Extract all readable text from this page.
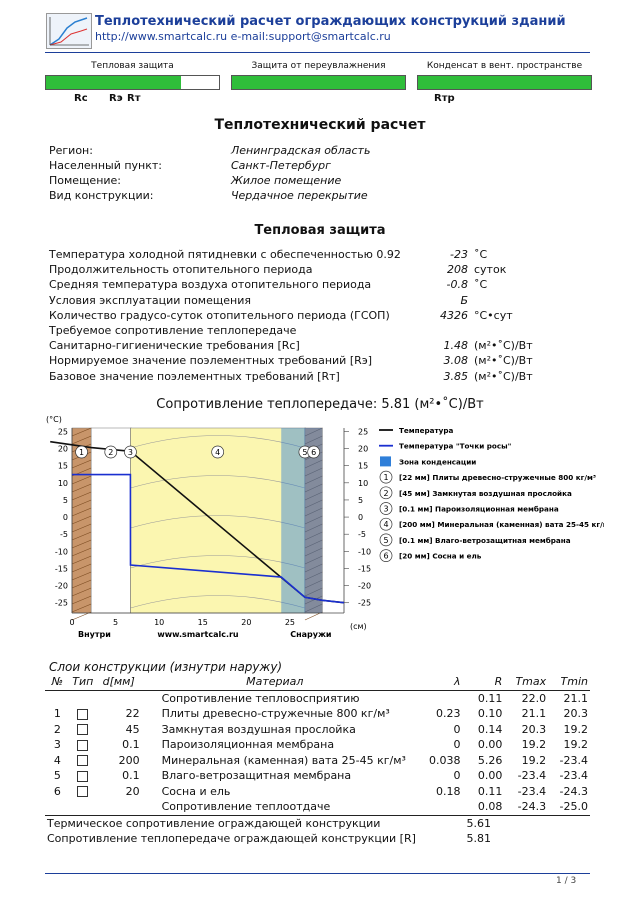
Теплотехнический расчет ограждающих конструкций зданий
http://www.smartcalc.ru e-mail:support@smartcalc.ru
Тепловая защита	Защита от переувлажнения	Конденсат в вент. пространстве
Rc Rэ Rт	Rтр
Теплотехнический расчет
Регион:	Ленинградская область
Населенный пункт:	Санкт-Петербург
Помещение:	Жилое помещение
Вид конструкции:	Чердачное перекрытие
Тепловая защита
Температура холодной пятидневки с обеспеченностью 0.92	-23 ˚С
Продолжительность отопительного периода	208 суток
Средняя температура воздуха отопительного периода	-0.8 ˚С
Условия эксплуатации помещения	Б
Количество градусо-суток отопительного периода (ГСОП)	4326 °С•сут
Требуемое сопротивление теплопередаче
Санитарно-гигиенические требования [Rc]	1.48 (м²•˚С)/Вт
Нормируемое значение поэлементных требований [Rэ]	3.08 (м²•˚С)/Вт
Базовое значение поэлементных требований [Rт]	3.85 (м²•˚С)/Вт
Сопротивление теплопередаче: 5.81 (м²•˚С)/Вт
25	25
20	20
15	15
10	10
5	5
0	0
-5	-5
-10	-10
-15	-15
-20	-20
-25	-25
0	5	10	15	20	25
(°С)
(см)
Внутри	www.smartcalc.ru	Снаружи
1	2 3	4	5 6
Температура
Температура "Точки росы"
Зона конденсации
1 [22 мм] Плиты древесно-стружечные 800 кг/м³
2 [45 мм] Замкнутая воздушная прослойка
3 [0.1 мм] Пароизоляционная мембрана
4 [200 мм] Минеральная (каменная) вата 25-45 кг/м³
5 [0.1 мм] Влаго-ветрозащитная мембрана
6 [20 мм] Сосна и ель
Слои конструкции (изнутри наружу)
№	Тип	d[мм]	Материал	λ	R	Tmax	Tmin
			Сопротивление тепловосприятию		0.11	22.0	21.1
1		22	Плиты древесно-стружечные 800 кг/м³	0.23	0.10	21.1	20.3
2		45	Замкнутая воздушная прослойка	0	0.14	20.3	19.2
3		0.1	Пароизоляционная мембрана	0	0.00	19.2	19.2
4		200	Минеральная (каменная) вата 25-45 кг/м³	0.038	5.26	19.2	-23.4
5		0.1	Влаго-ветрозащитная мембрана	0	0.00	-23.4	-23.4
6		20	Сосна и ель	0.18	0.11	-23.4	-24.3
			Сопротивление теплоотдаче		0.08	-24.3	-25.0
Термическое сопротивление ограждающей конструкции					5.61		
Сопротивление теплопередаче ограждающей конструкции [R]					5.81		
1 / 3
